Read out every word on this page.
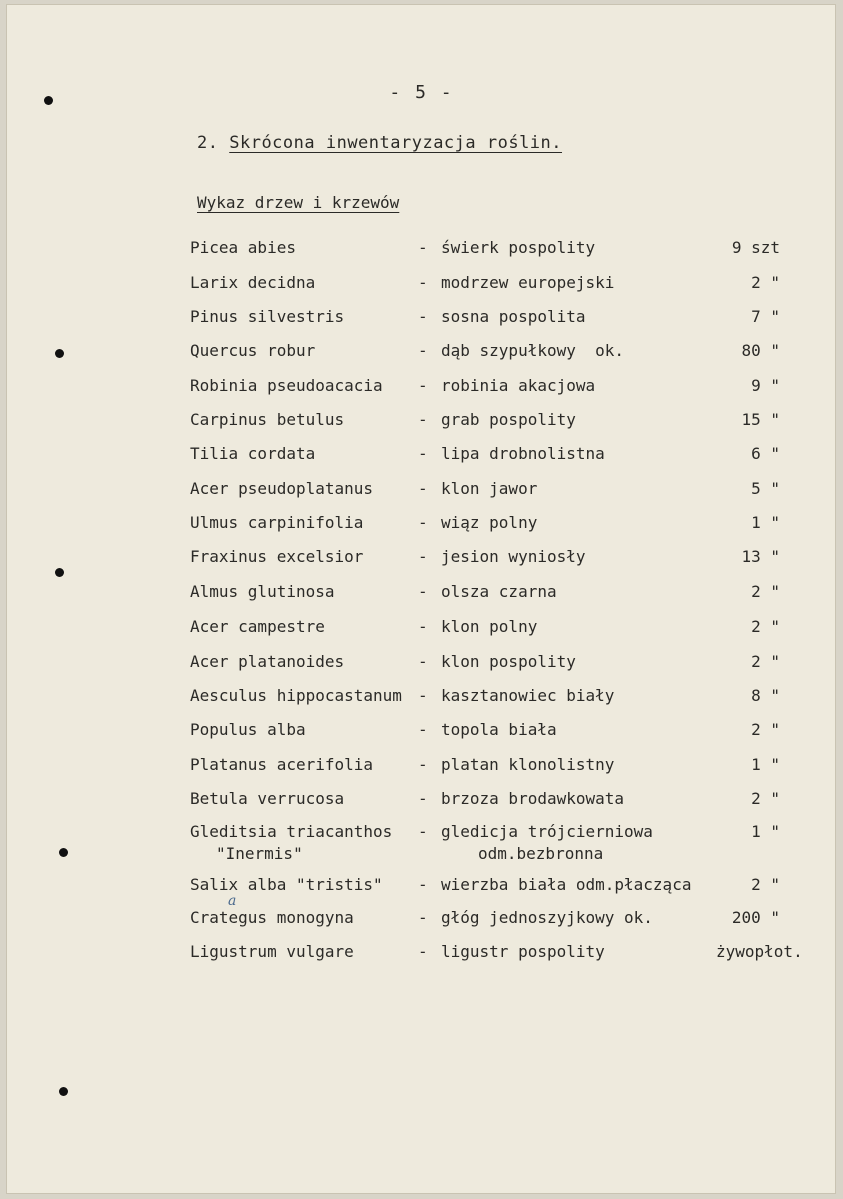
- 5 -
2. Skrócona inwentaryzacja roślin.
Wykaz drzew i krzewów
Picea abies	- świerk pospolity	9 szt
Larix decidna	- modrzew europejski	2 "
Pinus silvestris	- sosna pospolita	7 "
Quercus robur	- dąb szypułkowy  ok.	80 "
Robinia pseudoacacia - robinia akacjowa	9 "
Carpinus betulus	- grab pospolity	15 "
Tilia cordata	- lipa drobnolistna	6 "
Acer pseudoplatanus	- klon jawor	5 "
Ulmus carpinifolia	- wiąz polny	1 "
Fraxinus excelsior	- jesion wyniosły	13 "
Almus glutinosa	- olsza czarna	2 "
Acer campestre	- klon polny	2 "
Acer platanoides	- klon pospolity	2 "
Aesculus hippocastanum - kasztanowiec biały	8 "
Populus alba	- topola biała	2 "
Platanus acerifolia	- platan klonolistny	1 "
Betula verrucosa	- brzoza brodawkowata	2 "
Gleditsia triacanthos - gledicja trójcierniowa	1 "
"Inermis"	odm.bezbronna
Salix alba "tristis" - wierzba biała odm.płacząca	2 "
Crategus monogyna	- głóg jednoszyjkowy ok.	200 "
Ligustrum vulgare	- ligustr pospolity	żywopłot.
a
